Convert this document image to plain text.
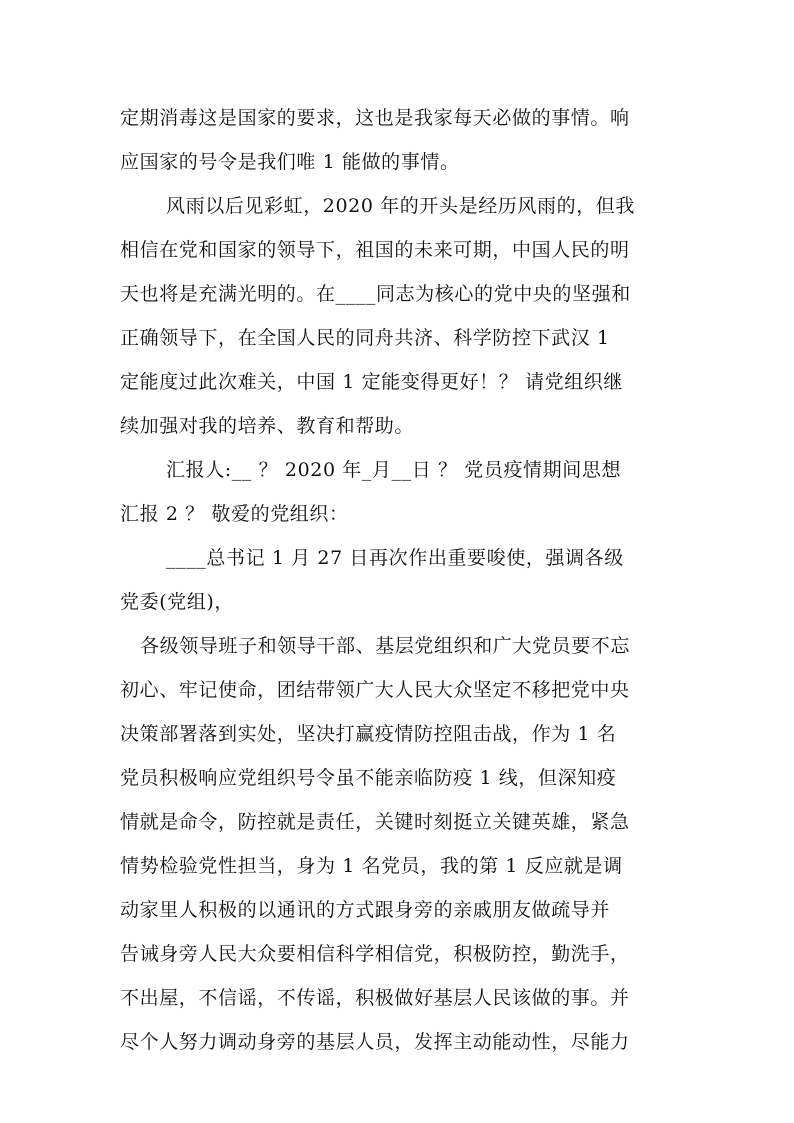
定期消毒这是国家的要求，这也是我家每天必做的事情。响
应国家的号令是我们唯 1 能做的事情。
风雨以后见彩虹，2020 年的开头是经历风雨的，但我
相信在党和国家的领导下，祖国的未来可期，中国人民的明
天也将是充满光明的。在____同志为核心的党中央的坚强和
正确领导下，在全国人民的同舟共济、科学防控下武汉 1
定能度过此次难关，中国 1 定能变得更好！？ 请党组织继
续加强对我的培养、教育和帮助。
汇报人:__ ？ 2020 年_月__日 ？ 党员疫情期间思想
汇报 2 ？ 敬爱的党组织：
____总书记 1 月 27 日再次作出重要唆使，强调各级
党委(党组)，
各级领导班子和领导干部、基层党组织和广大党员要不忘
初心、牢记使命，团结带领广大人民大众坚定不移把党中央
决策部署落到实处，坚决打赢疫情防控阻击战，作为 1 名
党员积极响应党组织号令虽不能亲临防疫 1 线，但深知疫
情就是命令，防控就是责任，关键时刻挺立关键英雄，紧急
情势检验党性担当，身为 1 名党员，我的第 1 反应就是调
动家里人积极的以通讯的方式跟身旁的亲戚朋友做疏导并
告诫身旁人民大众要相信科学相信党，积极防控，勤洗手，
不出屋，不信谣，不传谣，积极做好基层人民该做的事。并
尽个人努力调动身旁的基层人员，发挥主动能动性，尽能力
